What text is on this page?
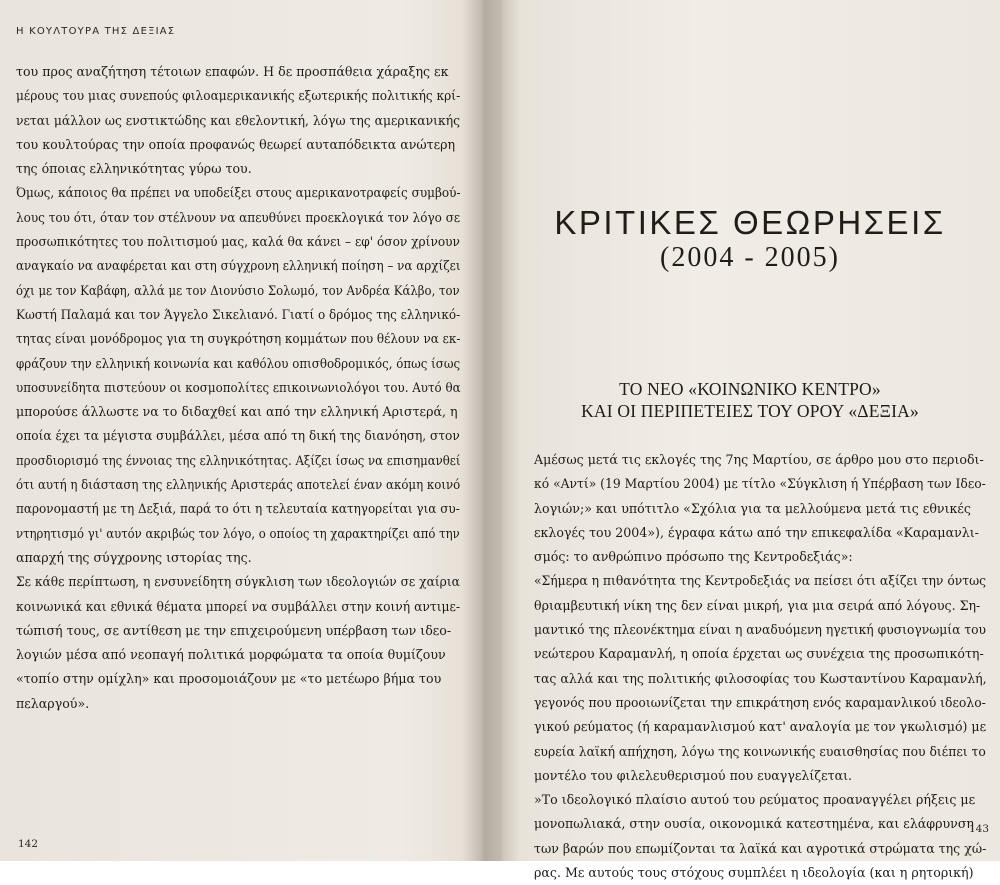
Η ΚΟΥΛΤΟΥΡΑ ΤΗΣ ΔΕΞΙΑΣ

του προς αναζήτηση τέτοιων επαφών. Η δε προσπάθεια χάραξης εκ

μέρους του μιας συνεπούς φιλοαμερικανικής εξωτερικής πολιτικής κρί-

νεται μάλλον ως ενστικτώδης και εθελοντική, λόγω της αμερικανικής

του κουλτούρας την οποία προφανώς θεωρεί αυταπόδεικτα ανώτερη

της όποιας ελληνικότητας γύρω του.

Όμως, κάποιος θα πρέπει να υποδείξει στους αμερικανοτραφείς συμβού-

λους του ότι, όταν τον στέλνουν να απευθύνει προεκλογικά τον λόγο σε

προσωπικότητες του πολιτισμού μας, καλά θα κάνει – εφ' όσον χρίνουν

αναγκαίο να αναφέρεται και στη σύγχρονη ελληνική ποίηση – να αρχίζει

όχι με τον Καβάφη, αλλά με τον Διονύσιο Σολωμό, τον Ανδρέα Κάλβο, τον

Κωστή Παλαμά και τον Άγγελο Σικελιανό. Γιατί ο δρόμος της ελληνικό-

τητας είναι μονόδρομος για τη συγκρότηση κομμάτων που θέλουν να εκ-

φράζουν την ελληνική κοινωνία και καθόλου οπισθοδρομικός, όπως ίσως

υποσυνείδητα πιστεύουν οι κοσμοπολίτες επικοινωνιολόγοι του. Αυτό θα

μπορούσε άλλωστε να το διδαχθεί και από την ελληνική Αριστερά, η

οποία έχει τα μέγιστα συμβάλλει, μέσα από τη δική της διανόηση, στον

προσδιορισμό της έννοιας της ελληνικότητας. Αξίζει ίσως να επισημανθεί

ότι αυτή η διάσταση της ελληνικής Αριστεράς αποτελεί έναν ακόμη κοινό

παρονομαστή με τη Δεξιά, παρά το ότι η τελευταία κατηγορείται για συ-

ντηρητισμό γι' αυτόν ακριβώς τον λόγο, ο οποίος τη χαρακτηρίζει από την

απαρχή της σύγχρονης ιστορίας της.

Σε κάθε περίπτωση, η ενσυνείδητη σύγκλιση των ιδεολογιών σε χαίρια

κοινωνικά και εθνικά θέματα μπορεί να συμβάλλει στην κοινή αντιμε-

τώπισή τους, σε αντίθεση με την επιχειρούμενη υπέρβαση των ιδεο-

λογιών μέσα από νεοπαγή πολιτικά μορφώματα τα οποία θυμίζουν

«τοπίο στην ομίχλη» και προσομοιάζουν με «το μετέωρο βήμα του

πελαργού».

142
ΚΡΙΤΙΚΕΣ ΘΕΩΡΗΣΕΙΣ
(2004 - 2005)
ΤΟ ΝΕΟ «ΚΟΙΝΩΝΙΚΟ ΚΕΝΤΡΟ»
ΚΑΙ ΟΙ ΠΕΡΙΠΕΤΕΙΕΣ ΤΟΥ ΟΡΟΥ «ΔΕΞΙΑ»

Αμέσως μετά τις εκλογές της 7ης Μαρτίου, σε άρθρο μου στο περιοδι-

κό «Αντί» (19 Μαρτίου 2004) με τίτλο «Σύγκλιση ή Υπέρβαση των Ιδεο-

λογιών;» και υπότιτλο «Σχόλια για τα μελλούμενα μετά τις εθνικές

εκλογές του 2004»), έγραφα κάτω από την επικεφαλίδα «Καραμανλι-

σμός: το ανθρώπινο πρόσωπο της Κεντροδεξιάς»:

«Σήμερα η πιθανότητα της Κεντροδεξιάς να πείσει ότι αξίζει την όντως

θριαμβευτική νίκη της δεν είναι μικρή, για μια σειρά από λόγους. Ση-

μαντικό της πλεονέκτημα είναι η αναδυόμενη ηγετική φυσιογνωμία του

νεώτερου Καραμανλή, η οποία έρχεται ως συνέχεια της προσωπικότη-

τας αλλά και της πολιτικής φιλοσοφίας του Κωσταντίνου Καραμανλή,

γεγονός που προοιωνίζεται την επικράτηση ενός καραμανλικού ιδεολο-

γικού ρεύματος (ή καραμανλισμού κατ' αναλογία με τον γκωλισμό) με

ευρεία λαϊκή απήχηση, λόγω της κοινωνικής ευαισθησίας που διέπει το

μοντέλο του φιλελευθερισμού που ευαγγελίζεται.

»Το ιδεολογικό πλαίσιο αυτού του ρεύματος προαναγγέλει ρήξεις με

μονοπωλιακά, στην ουσία, οικονομικά κατεστημένα, και ελάφρυνση

των βαρών που επωμίζονται τα λαϊκά και αγροτικά στρώματα της χώ-

ρας. Με αυτούς τους στόχους συμπλέει η ιδεολογία (και η ρητορική)

143
